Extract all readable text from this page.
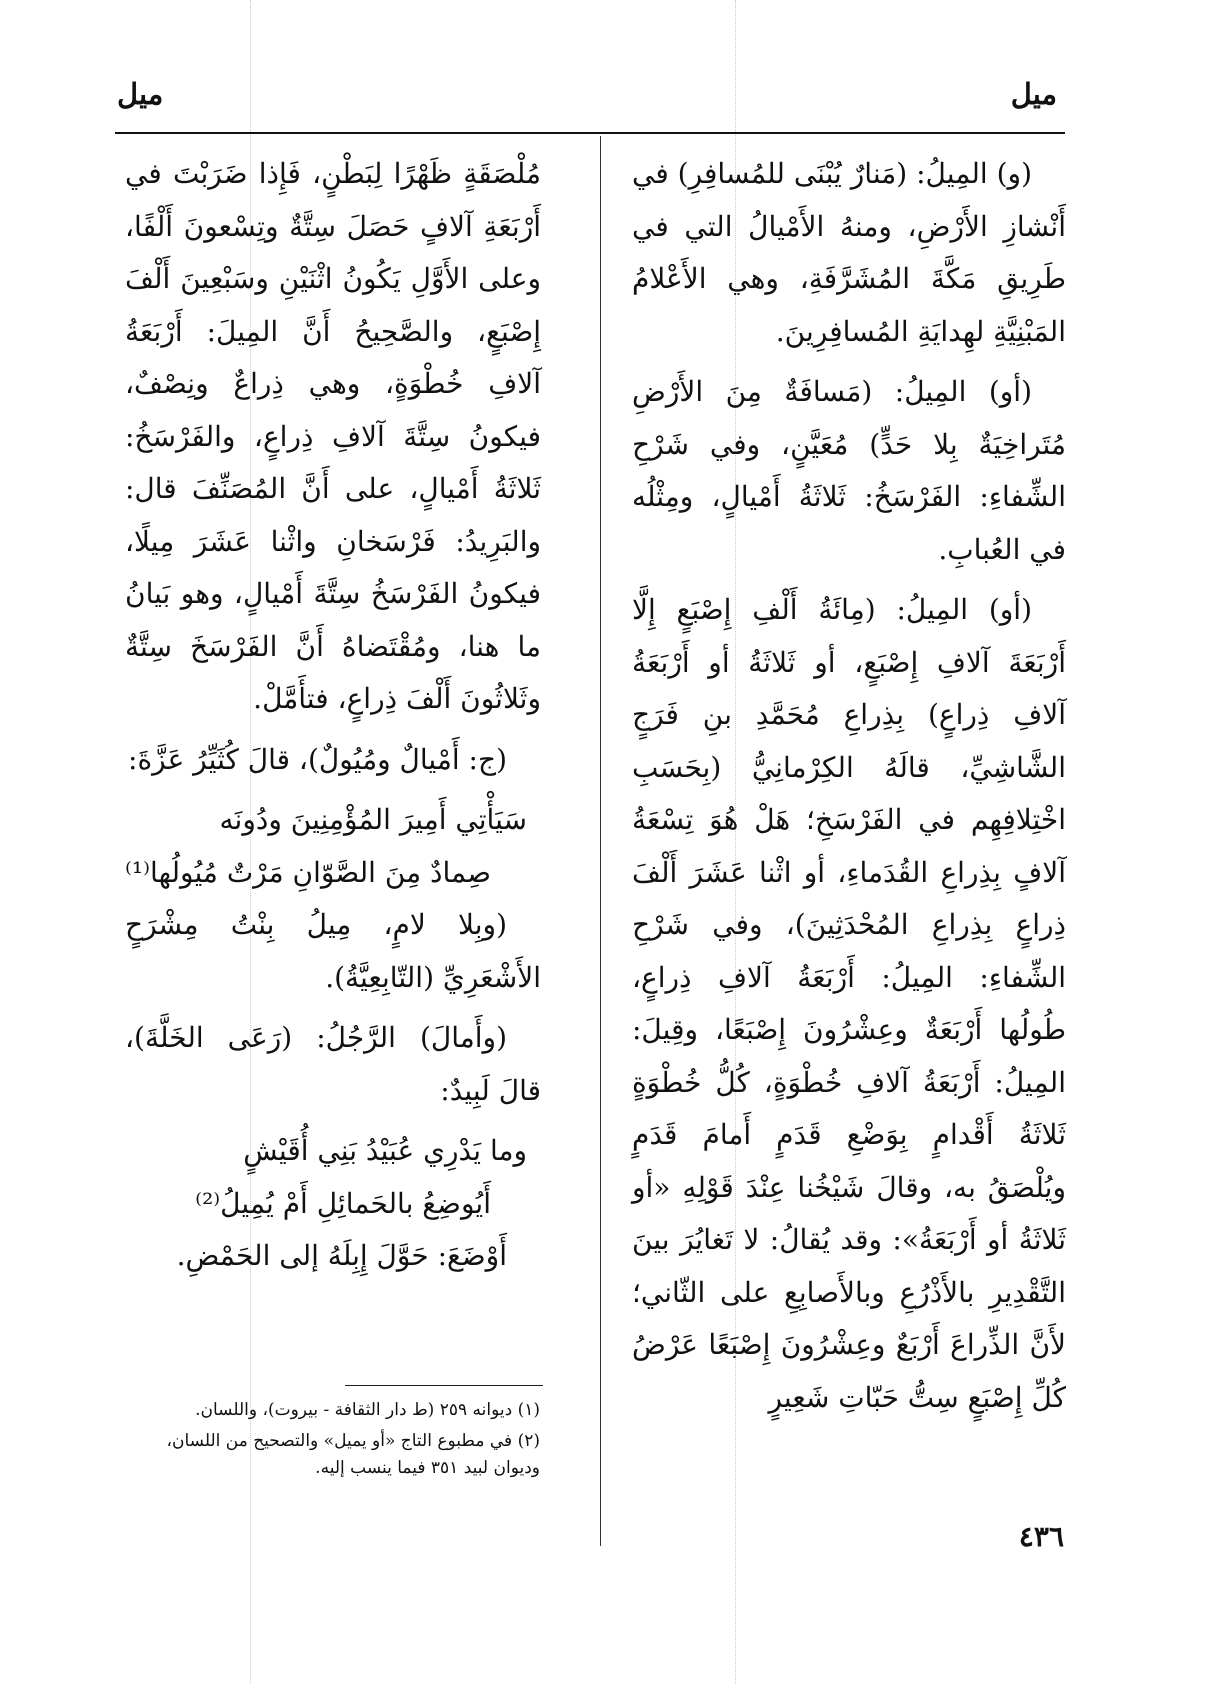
ميل
ميل

(و) المِيلُ: (مَنارٌ يُبْنَى للمُسافِرِ) في أَنْشازِ الأَرْضِ، ومنهُ الأَمْيالُ التي في طَرِيقِ مَكَّةَ المُشَرَّفَةِ، وهي الأَعْلامُ المَبْنِيَّةِ لهِدايَةِ المُسافِرِينَ.

(أو) المِيلُ: (مَسافَةٌ مِنَ الأَرْضِ مُتَراخِيَةٌ بِلا حَدٍّ) مُعَيَّنٍ، وفي شَرْحِ الشِّفاءِ: الفَرْسَخُ: ثَلاثَةُ أَمْيالٍ، ومِثْلُه في العُبابِ.

(أو) المِيلُ: (مِائَةُ أَلْفِ إِصْبَعٍ إِلَّا أَرْبَعَةَ آلافِ إِصْبَعٍ، أو ثَلاثَةُ أو أَرْبَعَةُ آلافِ ذِراعٍ) بِذِراعِ مُحَمَّدِ بنِ فَرَجٍ الشَّاشِيِّ، قالَهُ الكِرْمانِيُّ (بِحَسَبِ اخْتِلافِهِم في الفَرْسَخِ؛ هَلْ هُوَ تِسْعَةُ آلافٍ بِذِراعِ القُدَماءِ، أو اثْنا عَشَرَ أَلْفَ ذِراعٍ بِذِراعِ المُحْدَثِينَ)، وفي شَرْحِ الشِّفاءِ: المِيلُ: أَرْبَعَةُ آلافِ ذِراعٍ، طُولُها أَرْبَعَةٌ وعِشْرُونَ إِصْبَعًا، وقِيلَ: المِيلُ: أَرْبَعَةُ آلافِ خُطْوَةٍ، كُلُّ خُطْوَةٍ ثَلاثَةُ أَقْدامٍ بِوَضْعِ قَدَمٍ أَمامَ قَدَمٍ ويُلْصَقُ به، وقالَ شَيْخُنا عِنْدَ قَوْلِهِ «أو ثَلاثَةُ أو أَرْبَعَةُ»: وقد يُقالُ: لا تَغايُرَ بينَ التَّقْدِيرِ بالأَذْرُعِ وبالأَصابِعِ على الثّاني؛ لأَنَّ الذِّراعَ أَرْبَعٌ وعِشْرُونَ إِصْبَعًا عَرْضُ كُلِّ إِصْبَعٍ سِتُّ حَبّاتِ شَعِيرٍ

مُلْصَقَةٍ ظَهْرًا لِبَطْنٍ، فَإِذا ضَرَبْتَ في أَرْبَعَةِ آلافٍ حَصَلَ سِتَّةٌ وتِسْعونَ أَلْفًا، وعلى الأَوَّلِ يَكُونُ اثْنَيْنِ وسَبْعِينَ أَلْفَ إِصْبَعٍ، والصَّحِيحُ أَنَّ المِيلَ: أَرْبَعَةُ آلافِ خُطْوَةٍ، وهي ذِراعٌ ونِصْفٌ، فيكونُ سِتَّةَ آلافِ ذِراعٍ، والفَرْسَخُ: ثَلاثَةُ أَمْيالٍ، على أَنَّ المُصَنِّفَ قال: والبَرِيدُ: فَرْسَخانِ واثْنا عَشَرَ مِيلًا، فيكونُ الفَرْسَخُ سِتَّةَ أَمْيالٍ، وهو بَيانُ ما هنا، ومُقْتَضاهُ أَنَّ الفَرْسَخَ سِتَّةٌ وثَلاثُونَ أَلْفَ ذِراعٍ، فتأَمَّلْ.

(ج: أَمْيالٌ ومُيُولٌ)، قالَ كُثَيِّرُ عَزَّةَ:

سَيَأْتِي أَمِيرَ المُؤْمِنِينَ ودُونَه
صِمادٌ مِنَ الصَّوّانِ مَرْتٌ مُيُولُها⁽¹⁾

(وبِلا لامٍ، مِيلُ بِنْتُ مِشْرَحٍ الأَشْعَرِيِّ (التّابِعِيَّةُ).

(وأَمالَ) الرَّجُلُ: (رَعَى الخَلَّةَ)، قالَ لَبِيدٌ:

وما يَدْرِي عُبَيْدُ بَنِي أُقَيْشٍ
أَيُوضِعُ بالحَمائِلِ أَمْ يُمِيلُ⁽²⁾

أَوْضَعَ: حَوَّلَ إِبِلَهُ إلى الحَمْضِ.

(١) ديوانه ٢٥٩ (ط دار الثقافة - بيروت)، واللسان.

(٢) في مطبوع التاج «أو يميل» والتصحيح من اللسان، وديوان لبيد ٣٥١ فيما ينسب إليه.

٤٣٦
